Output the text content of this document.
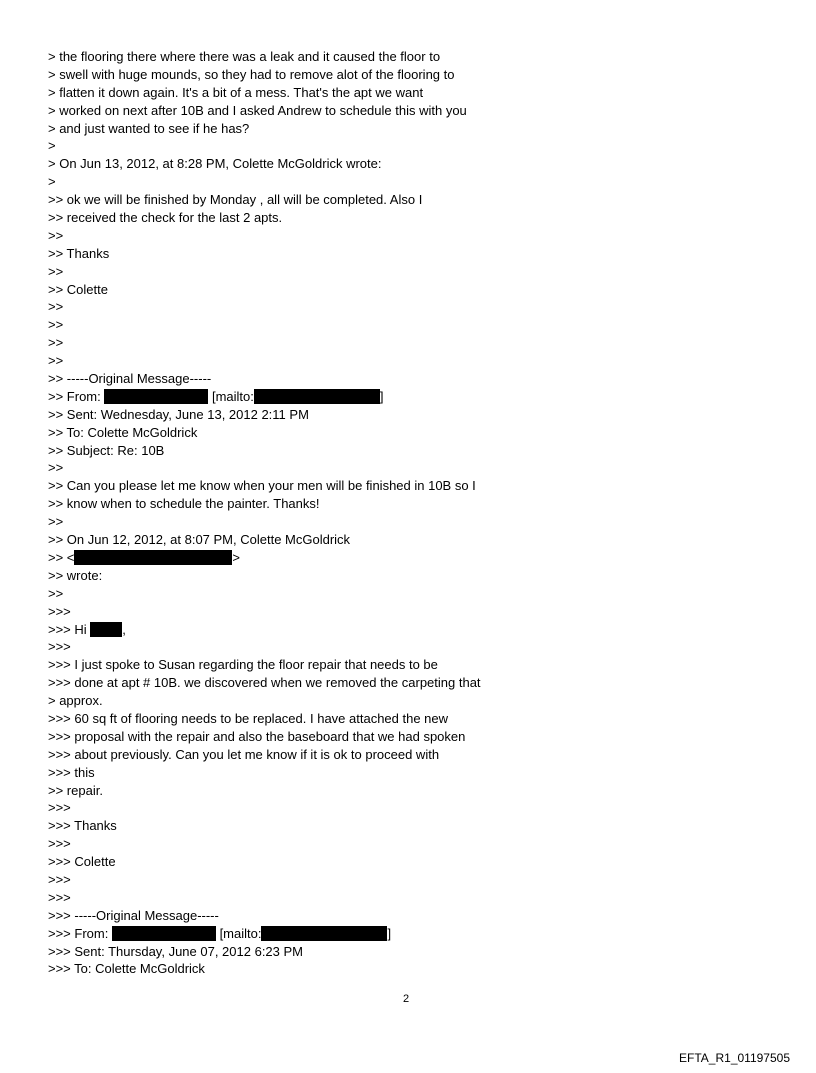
> the flooring there where there was a leak and it caused the floor to
> swell with huge mounds, so they had to remove alot of the flooring to
> flatten it down again. It's a bit of a mess. That's the apt we want
> worked on next after 10B and I asked Andrew to schedule this with you
> and just wanted to see if he has?
>
> On Jun 13, 2012, at 8:28 PM, Colette McGoldrick wrote:
>
>> ok we will be finished by Monday , all will be completed. Also I
>> received the check for the last 2 apts.
>>
>> Thanks
>>
>> Colette
>>
>>
>>
>>
>> -----Original Message-----
>> From:	[mailto:	]
>> Sent: Wednesday, June 13, 2012 2:11 PM
>> To: Colette McGoldrick
>> Subject: Re: 10B
>>
>> Can you please let me know when your men will be finished in 10B so I
>> know when to schedule the painter. Thanks!
>>
>> On Jun 12, 2012, at 8:07 PM, Colette McGoldrick
>> <	>
>> wrote:
>>
>>>
>>> Hi ,
>>>
>>> I just spoke to Susan regarding the floor repair that needs to be
>>> done at apt # 10B. we discovered when we removed the carpeting that
> approx.
>>> 60 sq ft of flooring needs to be replaced. I have attached the new
>>> proposal with the repair and also the baseboard that we had spoken
>>> about previously. Can you let me know if it is ok to proceed with
>>> this
>> repair.
>>>
>>> Thanks
>>>
>>> Colette
>>>
>>>
>>> -----Original Message-----
>>> From:	[mailto:	]
>>> Sent: Thursday, June 07, 2012 6:23 PM
>>> To: Colette McGoldrick
2
EFTA_R1_01197505
